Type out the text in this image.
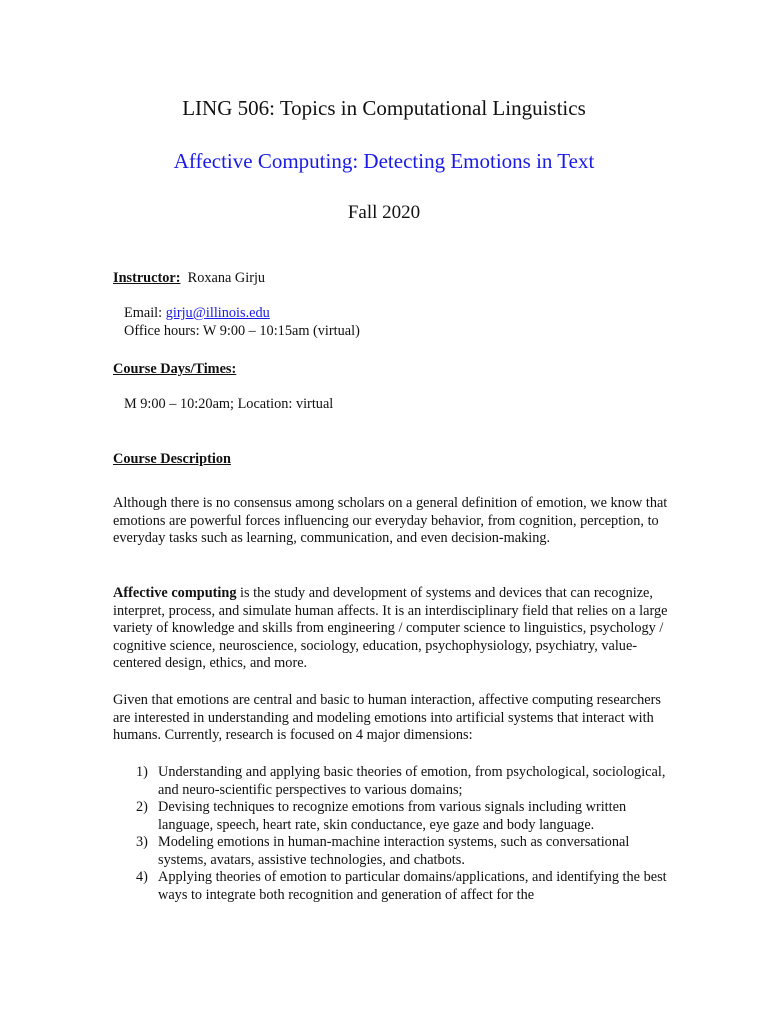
LING 506: Topics in Computational Linguistics
Affective Computing: Detecting Emotions in Text
Fall 2020

Instructor: Roxana Girju

Email: girju@illinois.edu

Office hours: W 9:00 – 10:15am (virtual)

Course Days/Times:

M 9:00 – 10:20am; Location: virtual

Course Description

Although there is no consensus among scholars on a general definition of emotion, we know that emotions are powerful forces influencing our everyday behavior, from cognition, perception, to everyday tasks such as learning, communication, and even decision-making.

Affective computing is the study and development of systems and devices that can recognize, interpret, process, and simulate human affects. It is an interdisciplinary field that relies on a large variety of knowledge and skills from engineering / computer science to linguistics, psychology / cognitive science, neuroscience, sociology, education, psychophysiology, psychiatry, value-centered design, ethics, and more.

Given that emotions are central and basic to human interaction, affective computing researchers are interested in understanding and modeling emotions into artificial systems that interact with humans. Currently, research is focused on 4 major dimensions:

1) Understanding and applying basic theories of emotion, from psychological, sociological, and neuro-scientific perspectives to various domains;
2) Devising techniques to recognize emotions from various signals including written language, speech, heart rate, skin conductance, eye gaze and body language.
3) Modeling emotions in human-machine interaction systems, such as conversational systems, avatars, assistive technologies, and chatbots.
4) Applying theories of emotion to particular domains/applications, and identifying the best ways to integrate both recognition and generation of affect for the
